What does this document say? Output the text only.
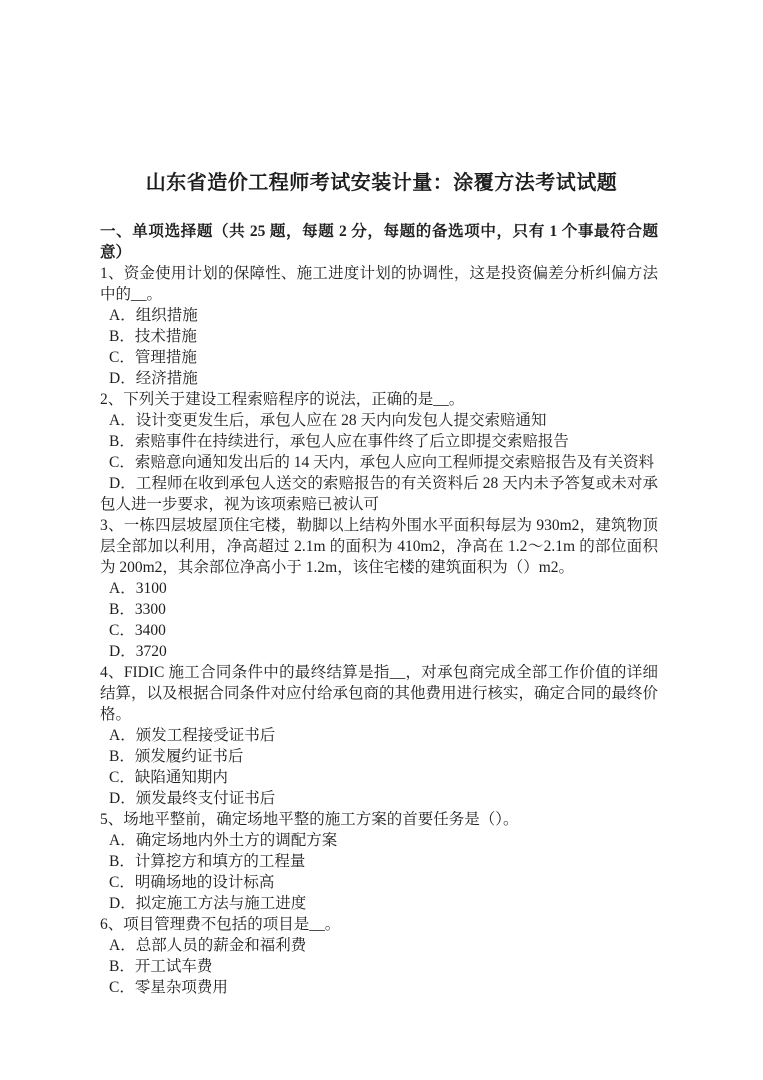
山东省造价工程师考试安装计量：涂覆方法考试试题

一、单项选择题（共 25 题，每题 2 分，每题的备选项中，只有 1 个事最符合题意）

1、资金使用计划的保障性、施工进度计划的协调性，这是投资偏差分析纠偏方法中的__。

A．组织措施

B．技术措施

C．管理措施

D．经济措施

2、下列关于建设工程索赔程序的说法，正确的是__。

A．设计变更发生后，承包人应在 28 天内向发包人提交索赔通知

B．索赔事件在持续进行，承包人应在事件终了后立即提交索赔报告

C．索赔意向通知发出后的 14 天内，承包人应向工程师提交索赔报告及有关资料

D．工程师在收到承包人送交的索赔报告的有关资料后 28 天内未予答复或未对承包人进一步要求，视为该项索赔已被认可

3、一栋四层坡屋顶住宅楼，勒脚以上结构外围水平面积每层为 930m2，建筑物顶层全部加以利用，净高超过 2.1m 的面积为 410m2，净高在 1.2～2.1m 的部位面积为 200m2，其余部位净高小于 1.2m，该住宅楼的建筑面积为（）m2。

A．3100

B．3300

C．3400

D．3720

4、FIDIC 施工合同条件中的最终结算是指__，对承包商完成全部工作价值的详细结算，以及根据合同条件对应付给承包商的其他费用进行核实，确定合同的最终价格。

A．颁发工程接受证书后

B．颁发履约证书后

C．缺陷通知期内

D．颁发最终支付证书后

5、场地平整前，确定场地平整的施工方案的首要任务是（）。

A．确定场地内外土方的调配方案

B．计算挖方和填方的工程量

C．明确场地的设计标高

D．拟定施工方法与施工进度

6、项目管理费不包括的项目是__。

A．总部人员的薪金和福利费

B．开工试车费

C．零星杂项费用
